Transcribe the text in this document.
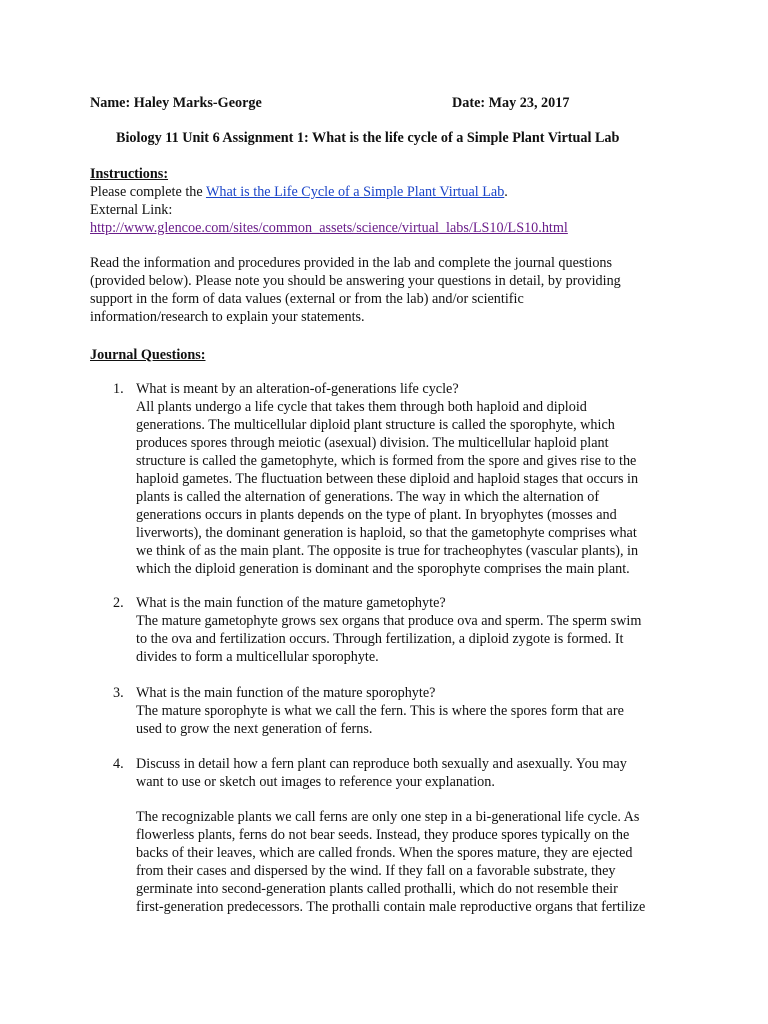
Name: Haley Marks-George	Date: May 23, 2017
Biology 11 Unit 6 Assignment 1: What is the life cycle of a Simple Plant Virtual Lab
Instructions:
Please complete the What is the Life Cycle of a Simple Plant Virtual Lab.
External Link:
http://www.glencoe.com/sites/common_assets/science/virtual_labs/LS10/LS10.html
Read the information and procedures provided in the lab and complete the journal questions
(provided below). Please note you should be answering your questions in detail, by providing
support in the form of data values (external or from the lab) and/or scientific
information/research to explain your statements.
Journal Questions:
1. What is meant by an alteration-of-generations life cycle?
All plants undergo a life cycle that takes them through both haploid and diploid
generations. The multicellular diploid plant structure is called the sporophyte, which
produces spores through meiotic (asexual) division. The multicellular haploid plant
structure is called the gametophyte, which is formed from the spore and gives rise to the
haploid gametes. The fluctuation between these diploid and haploid stages that occurs in
plants is called the alternation of generations. The way in which the alternation of
generations occurs in plants depends on the type of plant. In bryophytes (mosses and
liverworts), the dominant generation is haploid, so that the gametophyte comprises what
we think of as the main plant. The opposite is true for tracheophytes (vascular plants), in
which the diploid generation is dominant and the sporophyte comprises the main plant.
2. What is the main function of the mature gametophyte?
The mature gametophyte grows sex organs that produce ova and sperm. The sperm swim
to the ova and fertilization occurs. Through fertilization, a diploid zygote is formed. It
divides to form a multicellular sporophyte.
3. What is the main function of the mature sporophyte?
The mature sporophyte is what we call the fern. This is where the spores form that are
used to grow the next generation of ferns.
4. Discuss in detail how a fern plant can reproduce both sexually and asexually. You may
want to use or sketch out images to reference your explanation.
The recognizable plants we call ferns are only one step in a bi-generational life cycle. As
flowerless plants, ferns do not bear seeds. Instead, they produce spores typically on the
backs of their leaves, which are called fronds. When the spores mature, they are ejected
from their cases and dispersed by the wind. If they fall on a favorable substrate, they
germinate into second-generation plants called prothalli, which do not resemble their
first-generation predecessors. The prothalli contain male reproductive organs that fertilize
